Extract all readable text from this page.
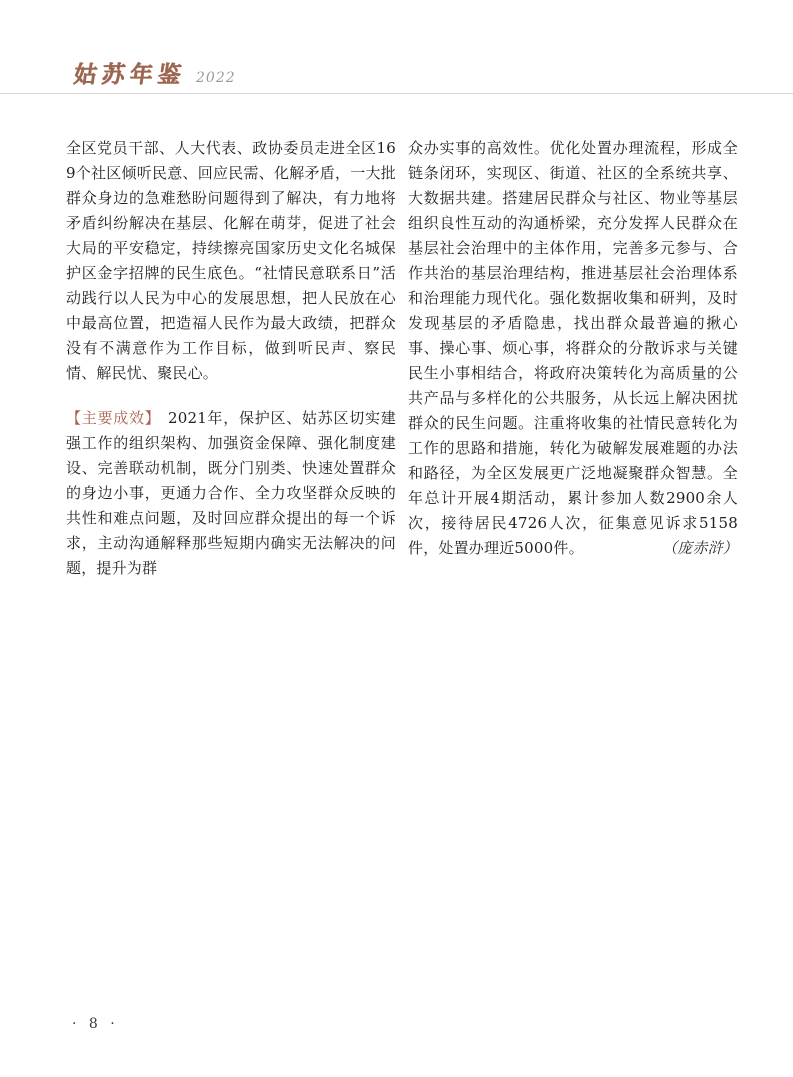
姑苏年鉴 2022

全区党员干部、人大代表、政协委员走进全区169个社区倾听民意、回应民需、化解矛盾，一大批群众身边的急难愁盼问题得到了解决，有力地将矛盾纠纷解决在基层、化解在萌芽，促进了社会大局的平安稳定，持续擦亮国家历史文化名城保护区金字招牌的民生底色。“社情民意联系日”活动践行以人民为中心的发展思想，把人民放在心中最高位置，把造福人民作为最大政绩，把群众没有不满意作为工作目标，做到听民声、察民情、解民忧、聚民心。

【主要成效】 2021年，保护区、姑苏区切实建强工作的组织架构、加强资金保障、强化制度建设、完善联动机制，既分门别类、快速处置群众的身边小事，更通力合作、全力攻坚群众反映的共性和难点问题，及时回应群众提出的每一个诉求，主动沟通解释那些短期内确实无法解决的问题，提升为群

众办实事的高效性。优化处置办理流程，形成全链条闭环，实现区、街道、社区的全系统共享、大数据共建。搭建居民群众与社区、物业等基层组织良性互动的沟通桥梁，充分发挥人民群众在基层社会治理中的主体作用，完善多元参与、合作共治的基层治理结构，推进基层社会治理体系和治理能力现代化。强化数据收集和研判，及时发现基层的矛盾隐患，找出群众最普遍的揪心事、操心事、烦心事，将群众的分散诉求与关键民生小事相结合，将政府决策转化为高质量的公共产品与多样化的公共服务，从长远上解决困扰群众的民生问题。注重将收集的社情民意转化为工作的思路和措施，转化为破解发展难题的办法和路径，为全区发展更广泛地凝聚群众智慧。全年总计开展4期活动，累计参加人数2900余人次，接待居民4726人次，征集意见诉求5158件，处置办理近5000件。	（庞赤浒）

· 8 ·
